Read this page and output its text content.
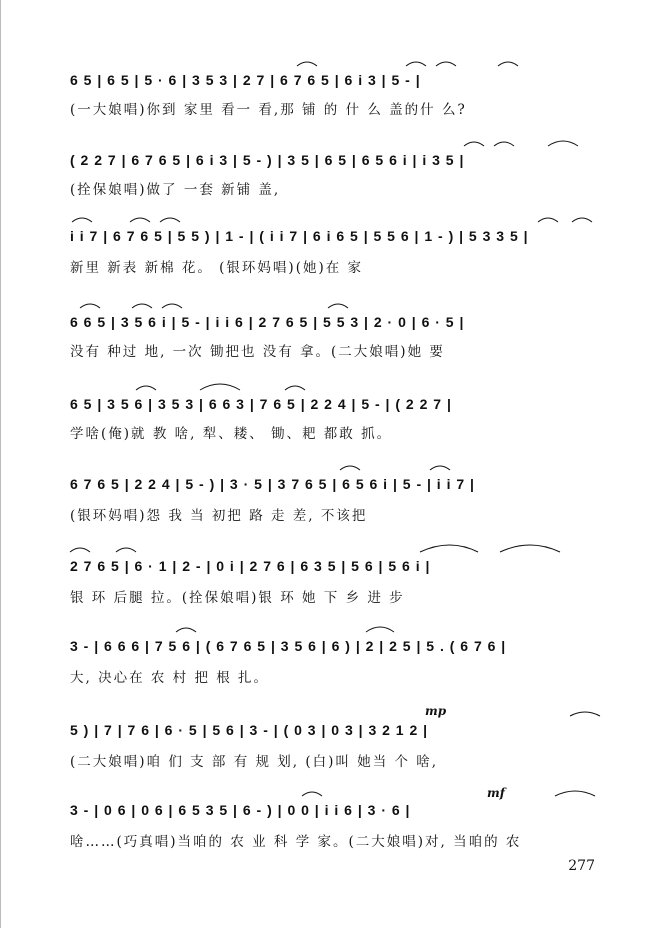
6 5 | 6 5 | 5 · 6 | 3 5 3 | 2 7 | 6 7 6 5 | 6 i 3 | 5 - |
(一大娘唱)你到 家里 看一 看,那 铺 的 什 么 盖的什 么?
( 2 2 7 | 6 7 6 5 | 6 i 3 | 5 - ) | 3 5 | 6 5 | 6 5 6 i | i 3 5 |
(拴保娘唱)做了 一套 新铺 盖,
i i 7 | 6 7 6 5 | 5 5 ) | 1 - | ( i i 7 | 6 i 6 5 | 5 5 6 | 1 - ) | 5 3 3 5 |
新里 新表 新棉 花。 (银环妈唱)(她)在 家
6 6 5 | 3 5 6 i | 5 - | i i 6 | 2 7 6 5 | 5 5 3 | 2 · 0 | 6 · 5 |
没有 种过 地, 一次 锄把也 没有 拿。(二大娘唱)她 要
6 5 | 3 5 6 | 3 5 3 | 6 6 3 | 7 6 5 | 2 2 4 | 5 - | ( 2 2 7 |
学啥(俺)就 教 啥, 犁、耧、 锄、耙 都敢 抓。
6 7 6 5 | 2 2 4 | 5 - ) | 3 · 5 | 3 7 6 5 | 6 5 6 i | 5 - | i i 7 |
(银环妈唱)怨 我 当 初把 路 走 差, 不该把
2 7 6 5 | 6 · 1 | 2 - | 0 i | 2 7 6 | 6 3 5 | 5 6 | 5 6 i |
银 环 后腿 拉。(拴保娘唱)银 环 她 下 乡 进 步
3 - | 6 6 6 | 7 5 6 | ( 6 7 6 5 | 3 5 6 | 6 ) | 2 | 2 5 | 5 . ( 6 7 6 |
大, 决心在 农 村 把 根 扎。
mp
5 ) | 7 | 7 6 | 6 · 5 | 5 6 | 3 - | ( 0 3 | 0 3 | 3 2 1 2 |
(二大娘唱)咱 们 支 部 有 规 划, (白)叫 她当 个 啥,
mf
3 - | 0 6 | 0 6 | 6 5 3 5 | 6 - ) | 0 0 | i i 6 | 3 · 6 |
啥……(巧真唱)当咱的 农 业 科 学 家。(二大娘唱)对, 当咱的 农
277
